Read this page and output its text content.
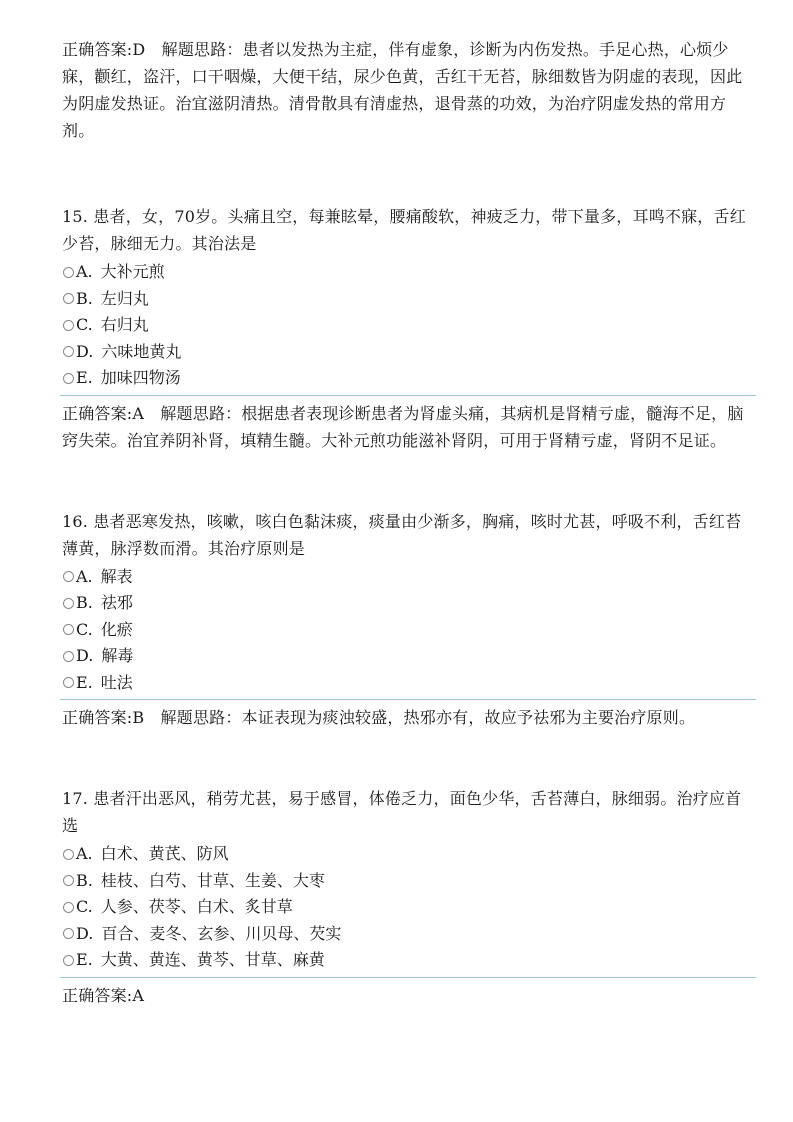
正确答案:D　解题思路：患者以发热为主症，伴有虚象，诊断为内伤发热。手足心热，心烦少寐，颧红，盗汗，口干咽燥，大便干结，尿少色黄，舌红干无苔，脉细数皆为阴虚的表现，因此为阴虚发热证。治宜滋阴清热。清骨散具有清虚热，退骨蒸的功效，为治疗阴虚发热的常用方剂。

15. 患者，女，70岁。头痛且空，每兼眩晕，腰痛酸软，神疲乏力，带下量多，耳鸣不寐，舌红少苔，脉细无力。其治法是

A. 大补元煎
B. 左归丸
C. 右归丸
D. 六味地黄丸
E. 加味四物汤

正确答案:A　解题思路：根据患者表现诊断患者为肾虚头痛，其病机是肾精亏虚，髓海不足，脑窍失荣。治宜养阴补肾，填精生髓。大补元煎功能滋补肾阴，可用于肾精亏虚，肾阴不足证。

16. 患者恶寒发热，咳嗽，咳白色黏沫痰，痰量由少渐多，胸痛，咳时尤甚，呼吸不利，舌红苔薄黄，脉浮数而滑。其治疗原则是

A. 解表
B. 祛邪
C. 化瘀
D. 解毒
E. 吐法

正确答案:B　解题思路：本证表现为痰浊较盛，热邪亦有，故应予祛邪为主要治疗原则。

17. 患者汗出恶风，稍劳尤甚，易于感冒，体倦乏力，面色少华，舌苔薄白，脉细弱。治疗应首选

A. 白术、黄芪、防风
B. 桂枝、白芍、甘草、生姜、大枣
C. 人参、茯苓、白术、炙甘草
D. 百合、麦冬、玄参、川贝母、芡实
E. 大黄、黄连、黄芩、甘草、麻黄

正确答案:A
